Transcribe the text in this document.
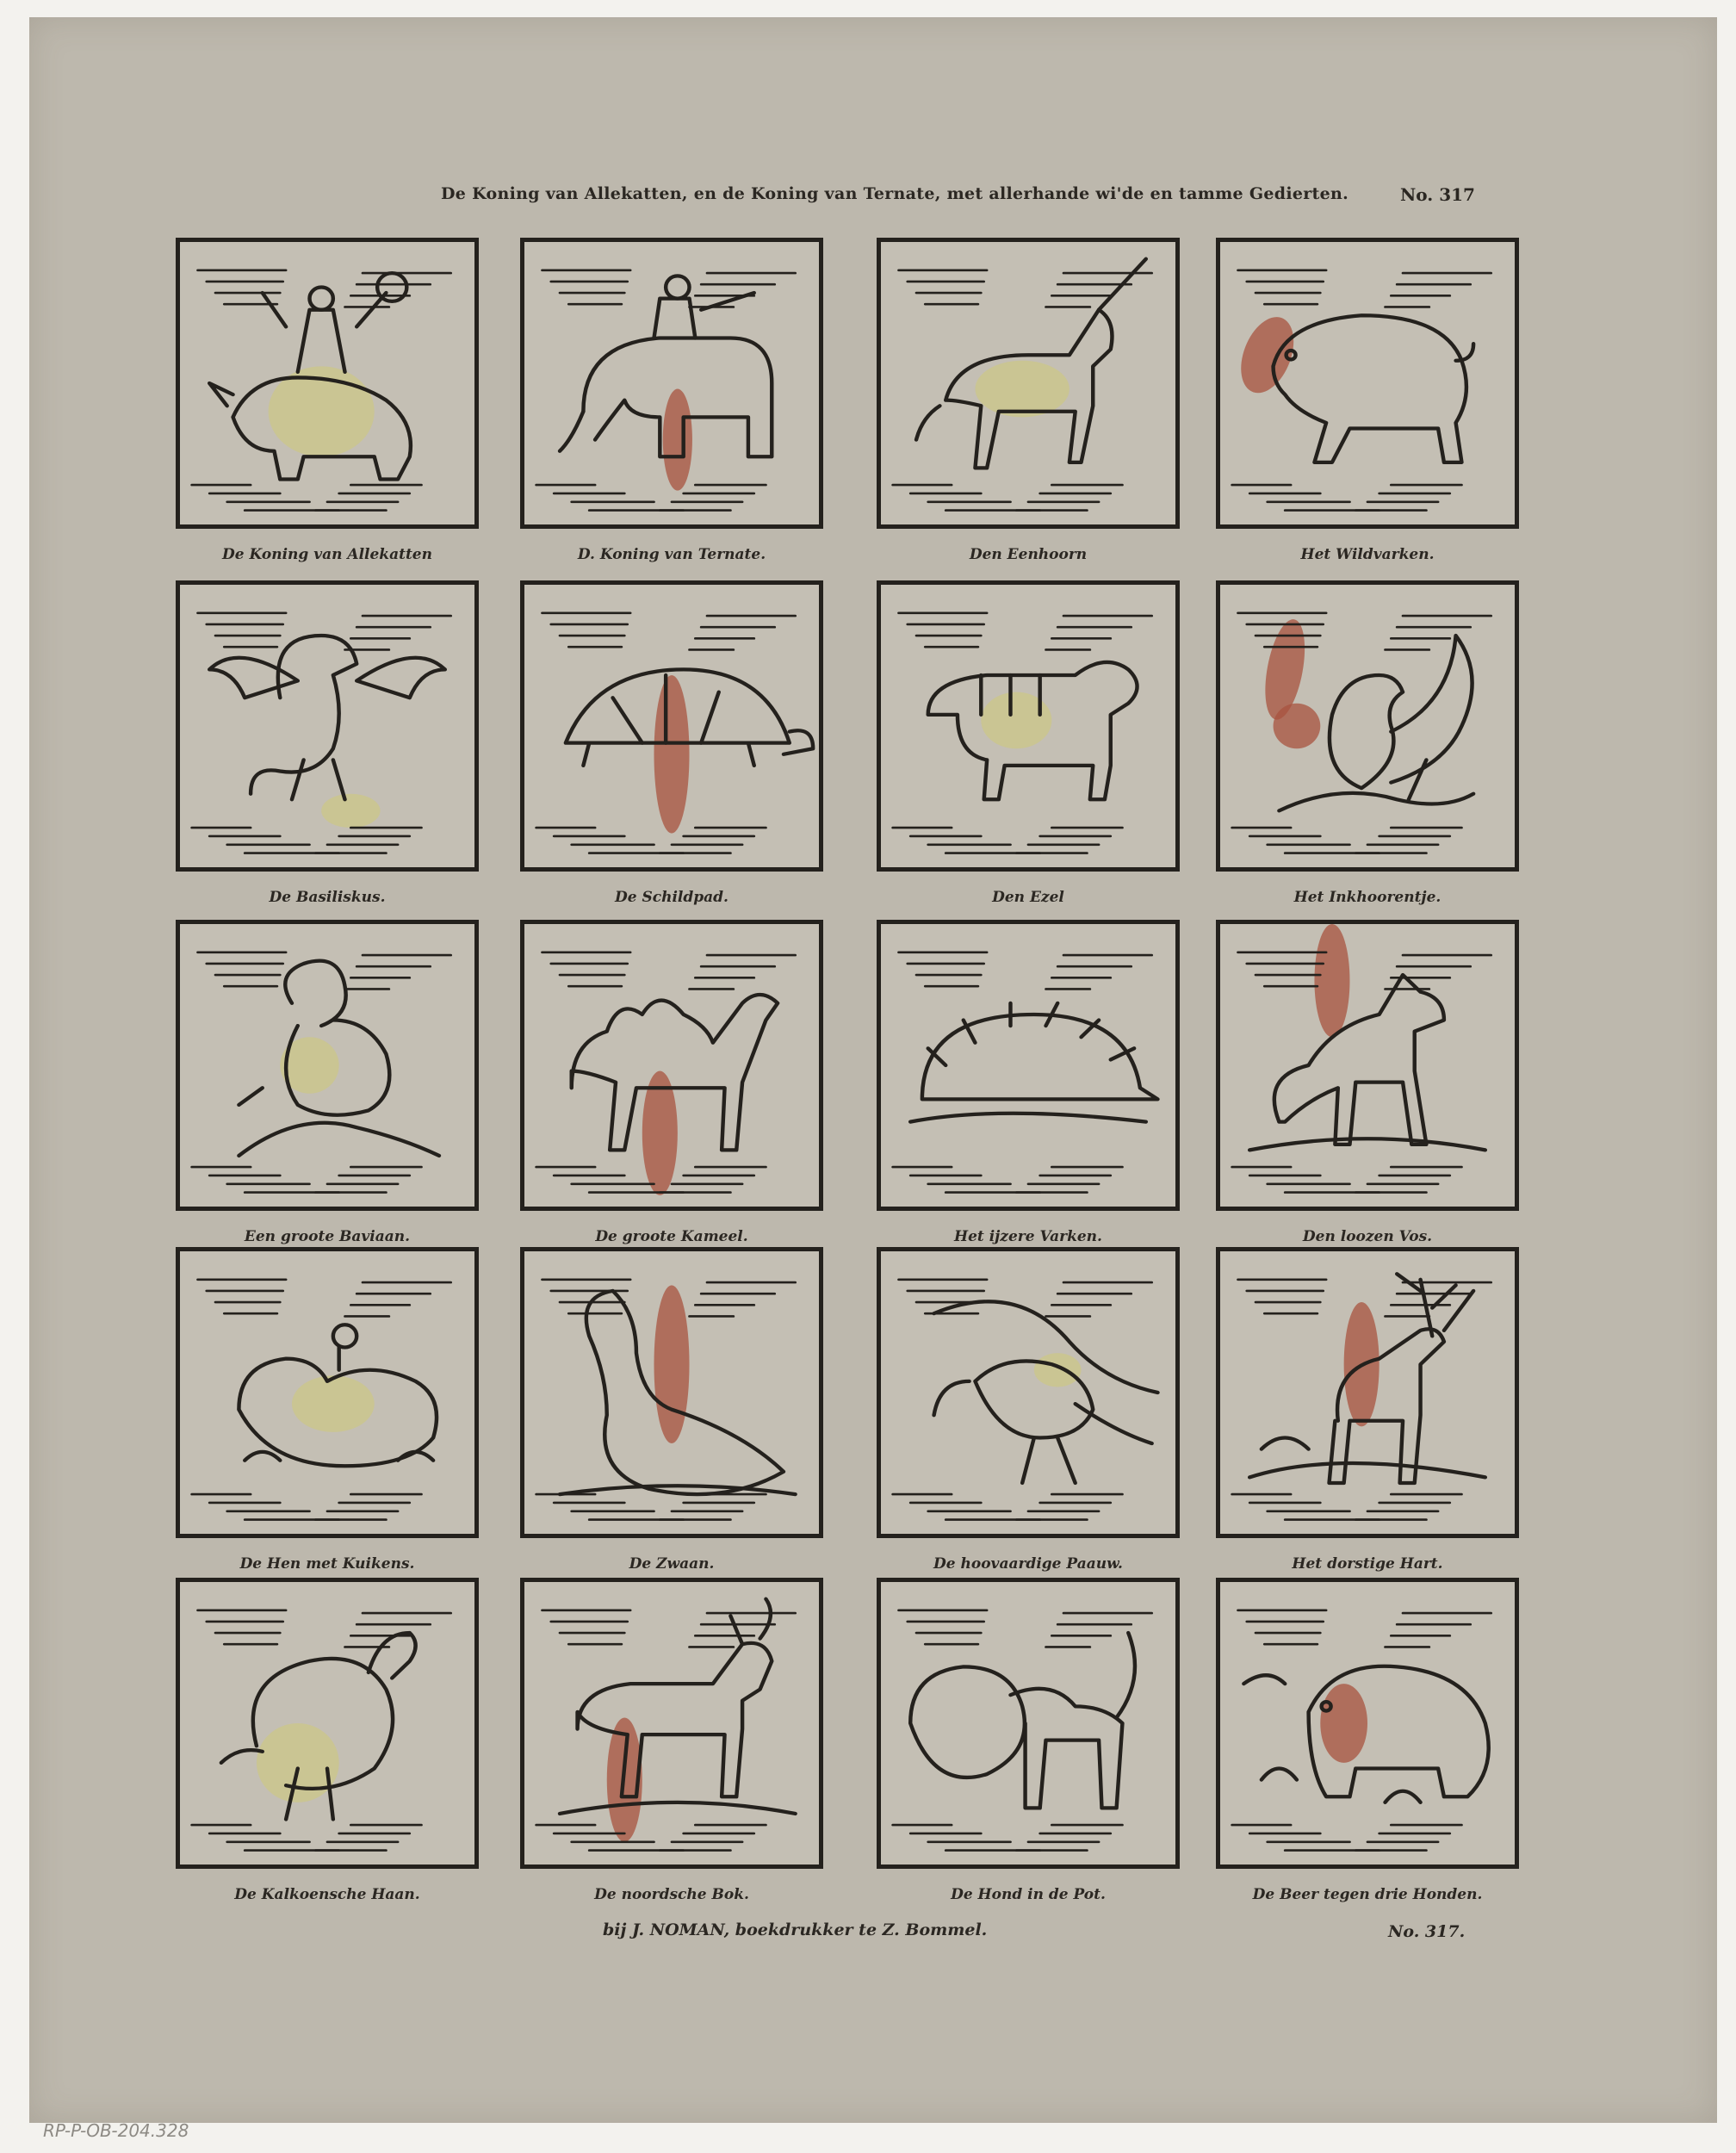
De Koning van Allekatten, en de Koning van Ternate, met allerhande wi'de en tamme Gedierten.	No. 317
De Koning van Allekatten	D. Koning van Ternate.	Den Eenhoorn	Het Wildvarken.
De Basiliskus.	De Schildpad.	Den Ezel	Het Inkhoorentje.
Een groote Baviaan.	De groote Kameel.	Het ijzere Varken.	Den loozen Vos.
De Hen met Kuikens.	De Zwaan.	De hoovaardige Paauw.	Het dorstige Hart.
De Kalkoensche Haan.	De noordsche Bok.	De Hond in de Pot.	De Beer tegen drie Honden.
bij J. NOMAN, boekdrukker te Z. Bommel.	No. 317.
RP-P-OB-204.328
